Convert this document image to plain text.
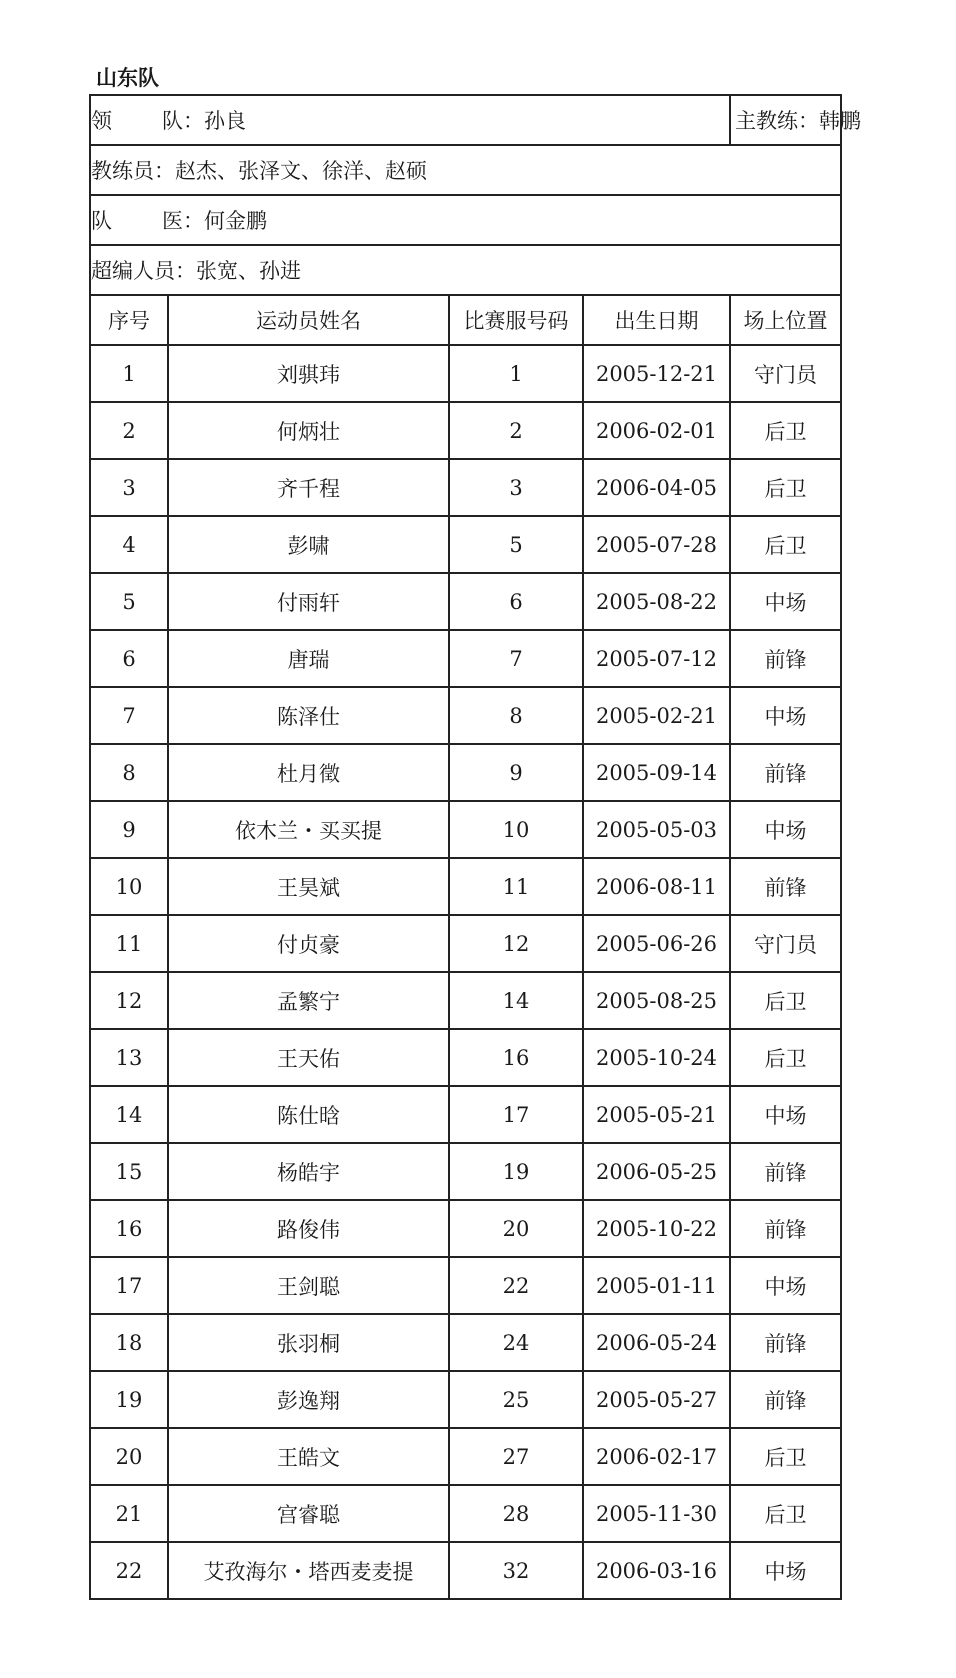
山东队
领 队：孙良				主教练：韩鹏
教练员：赵杰、张泽文、徐洋、赵硕				
队 医：何金鹏				
超编人员：张宽、孙进				
序号	运动员姓名	比赛服号码	出生日期	场上位置
1	刘骐玮	1	2005-12-21	守门员
2	何炳壮	2	2006-02-01	后卫
3	齐千程	3	2006-04-05	后卫
4	彭啸	5	2005-07-28	后卫
5	付雨轩	6	2005-08-22	中场
6	唐瑞	7	2005-07-12	前锋
7	陈泽仕	8	2005-02-21	中场
8	杜月徵	9	2005-09-14	前锋
9	依木兰・买买提	10	2005-05-03	中场
10	王昊斌	11	2006-08-11	前锋
11	付贞豪	12	2005-06-26	守门员
12	孟繁宁	14	2005-08-25	后卫
13	王天佑	16	2005-10-24	后卫
14	陈仕晗	17	2005-05-21	中场
15	杨皓宇	19	2006-05-25	前锋
16	路俊伟	20	2005-10-22	前锋
17	王剑聪	22	2005-01-11	中场
18	张羽桐	24	2006-05-24	前锋
19	彭逸翔	25	2005-05-27	前锋
20	王皓文	27	2006-02-17	后卫
21	宫睿聪	28	2005-11-30	后卫
22	艾孜海尔・塔西麦麦提	32	2006-03-16	中场
